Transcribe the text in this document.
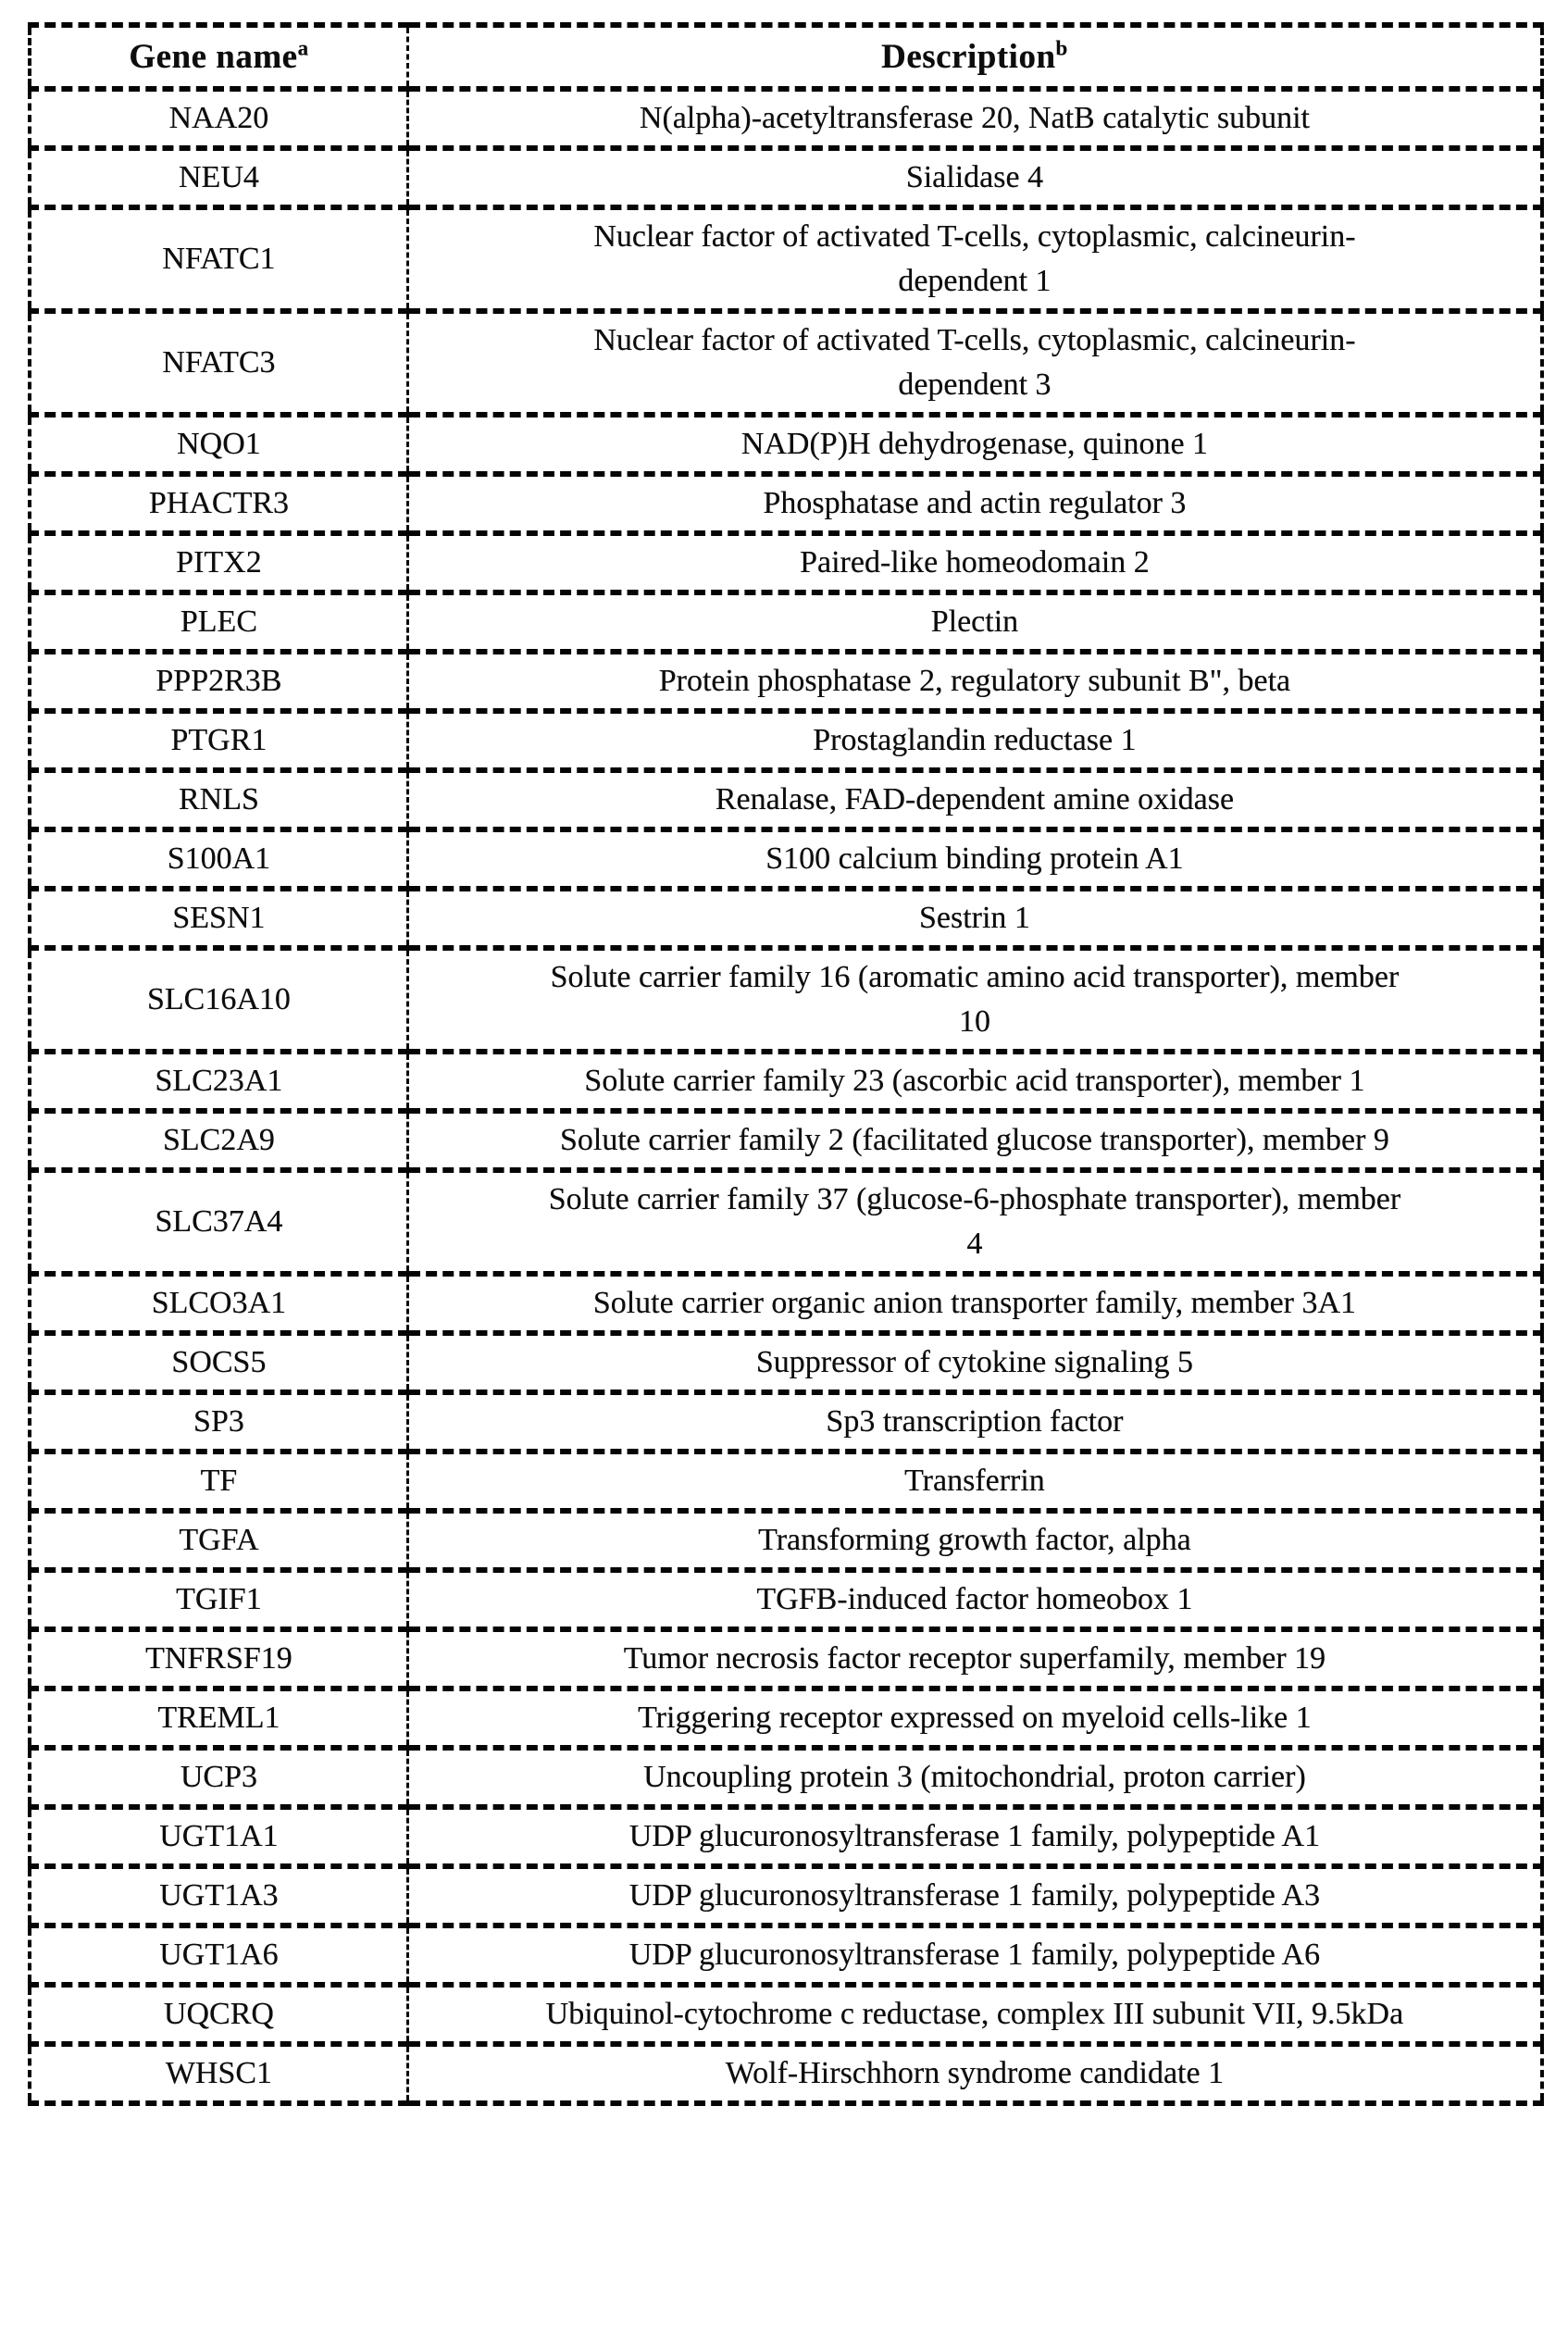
Gene name$^a$	Description$^b$
NAA20	N(alpha)-acetyltransferase 20, NatB catalytic subunit
NEU4	Sialidase 4
NFATC1	Nuclear factor of activated T-cells, cytoplasmic, calcineurin-dependent 1
NFATC3	Nuclear factor of activated T-cells, cytoplasmic, calcineurin-dependent 3
NQO1	NAD(P)H dehydrogenase, quinone 1
PHACTR3	Phosphatase and actin regulator 3
PITX2	Paired-like homeodomain 2
PLEC	Plectin
PPP2R3B	Protein phosphatase 2, regulatory subunit B", beta
PTGR1	Prostaglandin reductase 1
RNLS	Renalase, FAD-dependent amine oxidase
S100A1	S100 calcium binding protein A1
SESN1	Sestrin 1
SLC16A10	Solute carrier family 16 (aromatic amino acid transporter), member 10
SLC23A1	Solute carrier family 23 (ascorbic acid transporter), member 1
SLC2A9	Solute carrier family 2 (facilitated glucose transporter), member 9
SLC37A4	Solute carrier family 37 (glucose-6-phosphate transporter), member 4
SLCO3A1	Solute carrier organic anion transporter family, member 3A1
SOCS5	Suppressor of cytokine signaling 5
SP3	Sp3 transcription factor
TF	Transferrin
TGFA	Transforming growth factor, alpha
TGIF1	TGFB-induced factor homeobox 1
TNFRSF19	Tumor necrosis factor receptor superfamily, member 19
TREML1	Triggering receptor expressed on myeloid cells-like 1
UCP3	Uncoupling protein 3 (mitochondrial, proton carrier)
UGT1A1	UDP glucuronosyltransferase 1 family, polypeptide A1
UGT1A3	UDP glucuronosyltransferase 1 family, polypeptide A3
UGT1A6	UDP glucuronosyltransferase 1 family, polypeptide A6
UQCRQ	Ubiquinol-cytochrome c reductase, complex III subunit VII, 9.5kDa
WHSC1	Wolf-Hirschhorn syndrome candidate 1
